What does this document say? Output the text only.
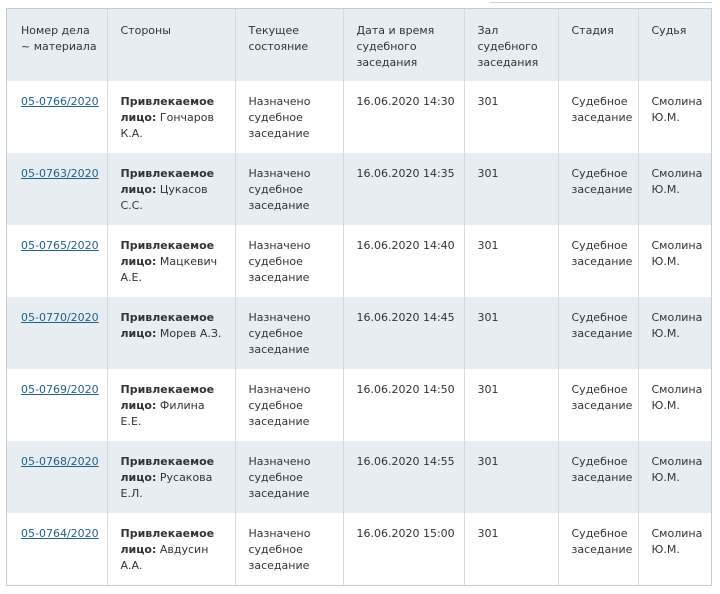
Номер дела ~ материала	Стороны	Текущее состояние	Дата и время судебного заседания	Зал судебного заседания	Стадия	Судья
05-0766/2020	Привлекаемое лицо: Гончаров К.А.	Назначено судебное заседание	16.06.2020 14:30	301	Судебное заседание	Смолина Ю.М.

05-0763/2020	Привлекаемое лицо: Цукасов С.С.	Назначено судебное заседание	16.06.2020 14:35	301	Судебное заседание	Смолина Ю.М.

05-0765/2020	Привлекаемое лицо: Мацкевич А.Е.	Назначено судебное заседание	16.06.2020 14:40	301	Судебное заседание	Смолина Ю.М.

05-0770/2020	Привлекаемое лицо: Морев А.З.	Назначено судебное заседание	16.06.2020 14:45	301	Судебное заседание	Смолина Ю.М.

05-0769/2020	Привлекаемое лицо: Филина Е.Е.	Назначено судебное заседание	16.06.2020 14:50	301	Судебное заседание	Смолина Ю.М.

05-0768/2020	Привлекаемое лицо: Русакова Е.Л.	Назначено судебное заседание	16.06.2020 14:55	301	Судебное заседание	Смолина Ю.М.

05-0764/2020	Привлекаемое лицо: Авдусин А.А.	Назначено судебное заседание	16.06.2020 15:00	301	Судебное заседание	Смолина Ю.М.
